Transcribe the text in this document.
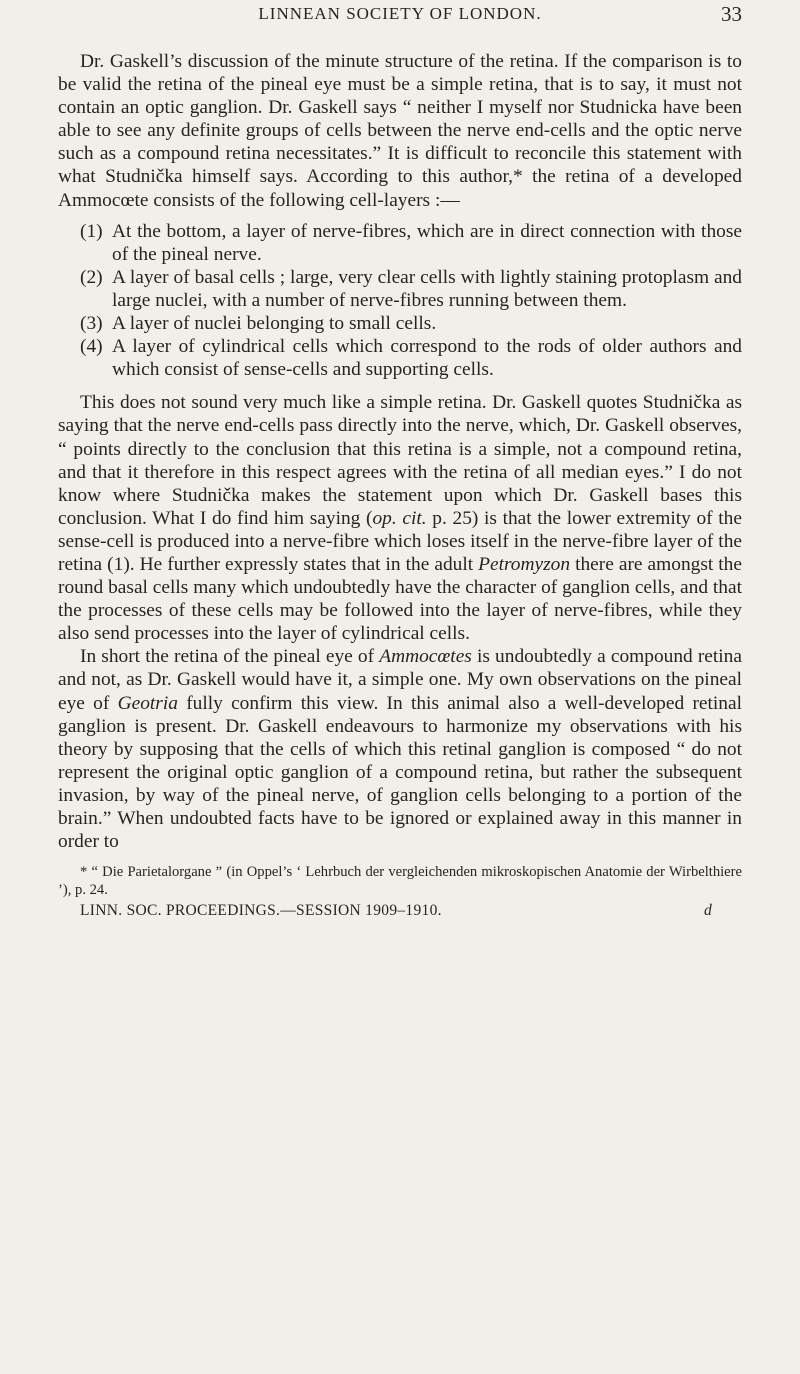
LINNEAN SOCIETY OF LONDON.	33

Dr. Gaskell’s discussion of the minute structure of the retina. If the comparison is to be valid the retina of the pineal eye must be a simple retina, that is to say, it must not contain an optic ganglion. Dr. Gaskell says “ neither I myself nor Studnicka have been able to see any definite groups of cells between the nerve end-cells and the optic nerve such as a compound retina necessitates.” It is difficult to reconcile this statement with what Studnička himself says. According to this author,* the retina of a developed Ammocœte consists of the following cell-layers :—

(1) At the bottom, a layer of nerve-fibres, which are in direct connection with those of the pineal nerve.
(2) A layer of basal cells ; large, very clear cells with lightly staining protoplasm and large nuclei, with a number of nerve-fibres running between them.
(3) A layer of nuclei belonging to small cells.
(4) A layer of cylindrical cells which correspond to the rods of older authors and which consist of sense-cells and supporting cells.

This does not sound very much like a simple retina. Dr. Gaskell quotes Studnička as saying that the nerve end-cells pass directly into the nerve, which, Dr. Gaskell observes, “ points directly to the conclusion that this retina is a simple, not a compound retina, and that it therefore in this respect agrees with the retina of all median eyes.” I do not know where Studnička makes the statement upon which Dr. Gaskell bases this conclusion. What I do find him saying (op. cit. p. 25) is that the lower extremity of the sense-cell is produced into a nerve-fibre which loses itself in the nerve-fibre layer of the retina (1). He further expressly states that in the adult Petromyzon there are amongst the round basal cells many which undoubtedly have the character of ganglion cells, and that the processes of these cells may be followed into the layer of nerve-fibres, while they also send processes into the layer of cylindrical cells.

In short the retina of the pineal eye of Ammocœtes is undoubtedly a compound retina and not, as Dr. Gaskell would have it, a simple one. My own observations on the pineal eye of Geotria fully confirm this view. In this animal also a well-developed retinal ganglion is present. Dr. Gaskell endeavours to harmonize my observations with his theory by supposing that the cells of which this retinal ganglion is composed “ do not represent the original optic ganglion of a compound retina, but rather the subsequent invasion, by way of the pineal nerve, of ganglion cells belonging to a portion of the brain.” When undoubted facts have to be ignored or explained away in this manner in order to

* “ Die Parietalorgane ” (in Oppel’s ‘ Lehrbuch der vergleichenden mikroskopischen Anatomie der Wirbelthiere ’), p. 24.

LINN. SOC. PROCEEDINGS.—SESSION 1909–1910.	d
